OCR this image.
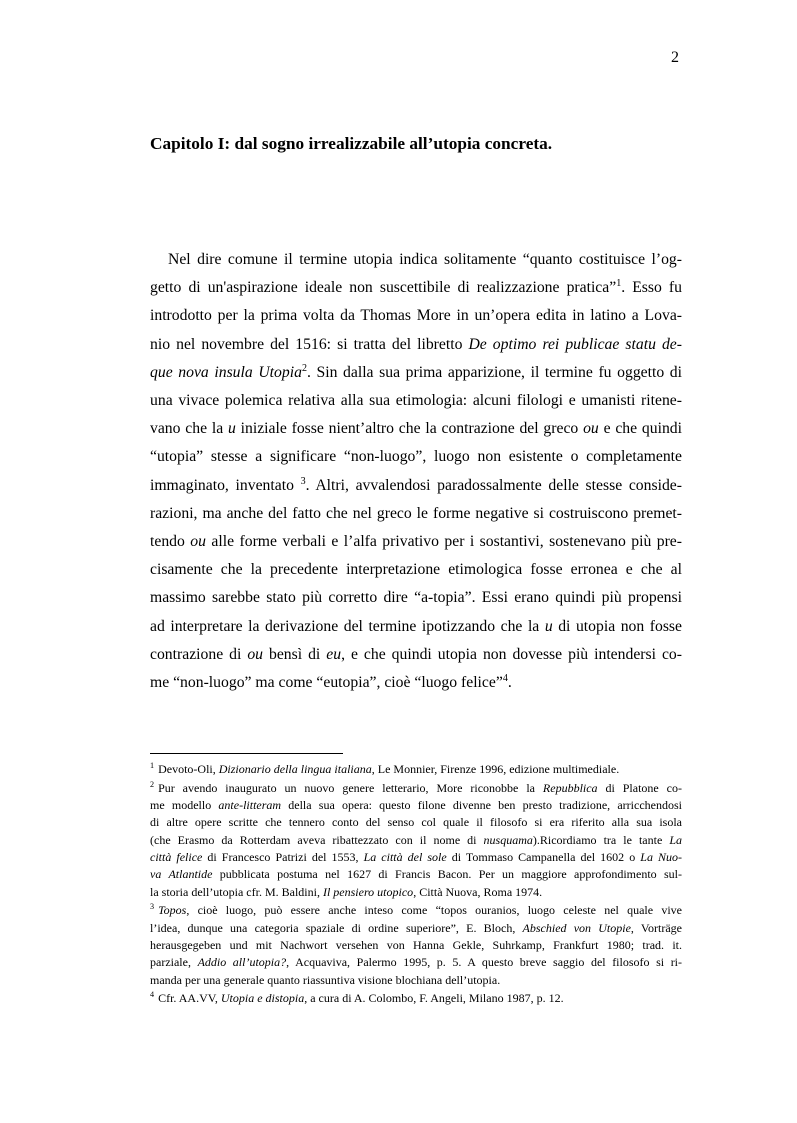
2
Capitolo I: dal sogno irrealizzabile all’utopia concreta.
Nel dire comune il termine utopia indica solitamente “quanto costituisce l’og-
getto di un'aspirazione ideale non suscettibile di realizzazione pratica”$^1$. Esso fu
introdotto per la prima volta da Thomas More in un’opera edita in latino a Lova-
nio nel novembre del 1516: si tratta del libretto De optimo rei publicae statu de-
que nova insula Utopia$^2$. Sin dalla sua prima apparizione, il termine fu oggetto di
una vivace polemica relativa alla sua etimologia: alcuni filologi e umanisti ritene-
vano che la u iniziale fosse nient’altro che la contrazione del greco ou e che quindi
“utopia” stesse a significare “non-luogo”, luogo non esistente o completamente
immaginato, inventato $^3$. Altri, avvalendosi paradossalmente delle stesse conside-
razioni, ma anche del fatto che nel greco le forme negative si costruiscono premet-
tendo ou alle forme verbali e l’alfa privativo per i sostantivi, sostenevano più pre-
cisamente che la precedente interpretazione etimologica fosse erronea e che al
massimo sarebbe stato più corretto dire “a-topia”. Essi erano quindi più propensi
ad interpretare la derivazione del termine ipotizzando che la u di utopia non fosse
contrazione di ou bensì di eu, e che quindi utopia non dovesse più intendersi co-
me “non-luogo” ma come “eutopia”, cioè “luogo felice”$^4$.
$^1$ Devoto-Oli, Dizionario della lingua italiana, Le Monnier, Firenze 1996, edizione multimediale.
$^2$ Pur avendo inaugurato un nuovo genere letterario, More riconobbe la Repubblica di Platone co-
me modello ante-litteram della sua opera: questo filone divenne ben presto tradizione, arricchendosi
di altre opere scritte che tennero conto del senso col quale il filosofo si era riferito alla sua isola
(che Erasmo da Rotterdam aveva ribattezzato con il nome di nusquama).Ricordiamo tra le tante La
città felice di Francesco Patrizi del 1553, La città del sole di Tommaso Campanella del 1602 o La Nuo-
va Atlantide pubblicata postuma nel 1627 di Francis Bacon. Per un maggiore approfondimento sul-
la storia dell’utopia cfr. M. Baldini, Il pensiero utopico, Città Nuova, Roma 1974.
$^3$ Topos, cioè luogo, può essere anche inteso come “topos ouranios, luogo celeste nel quale vive
l’idea, dunque una categoria spaziale di ordine superiore”, E. Bloch, Abschied von Utopie, Vorträge
herausgegeben und mit Nachwort versehen von Hanna Gekle, Suhrkamp, Frankfurt 1980; trad. it.
parziale, Addio all’utopia?, Acquaviva, Palermo 1995, p. 5. A questo breve saggio del filosofo si ri-
manda per una generale quanto riassuntiva visione blochiana dell’utopia.
$^4$ Cfr. AA.VV, Utopia e distopia, a cura di A. Colombo, F. Angeli, Milano 1987, p. 12.
